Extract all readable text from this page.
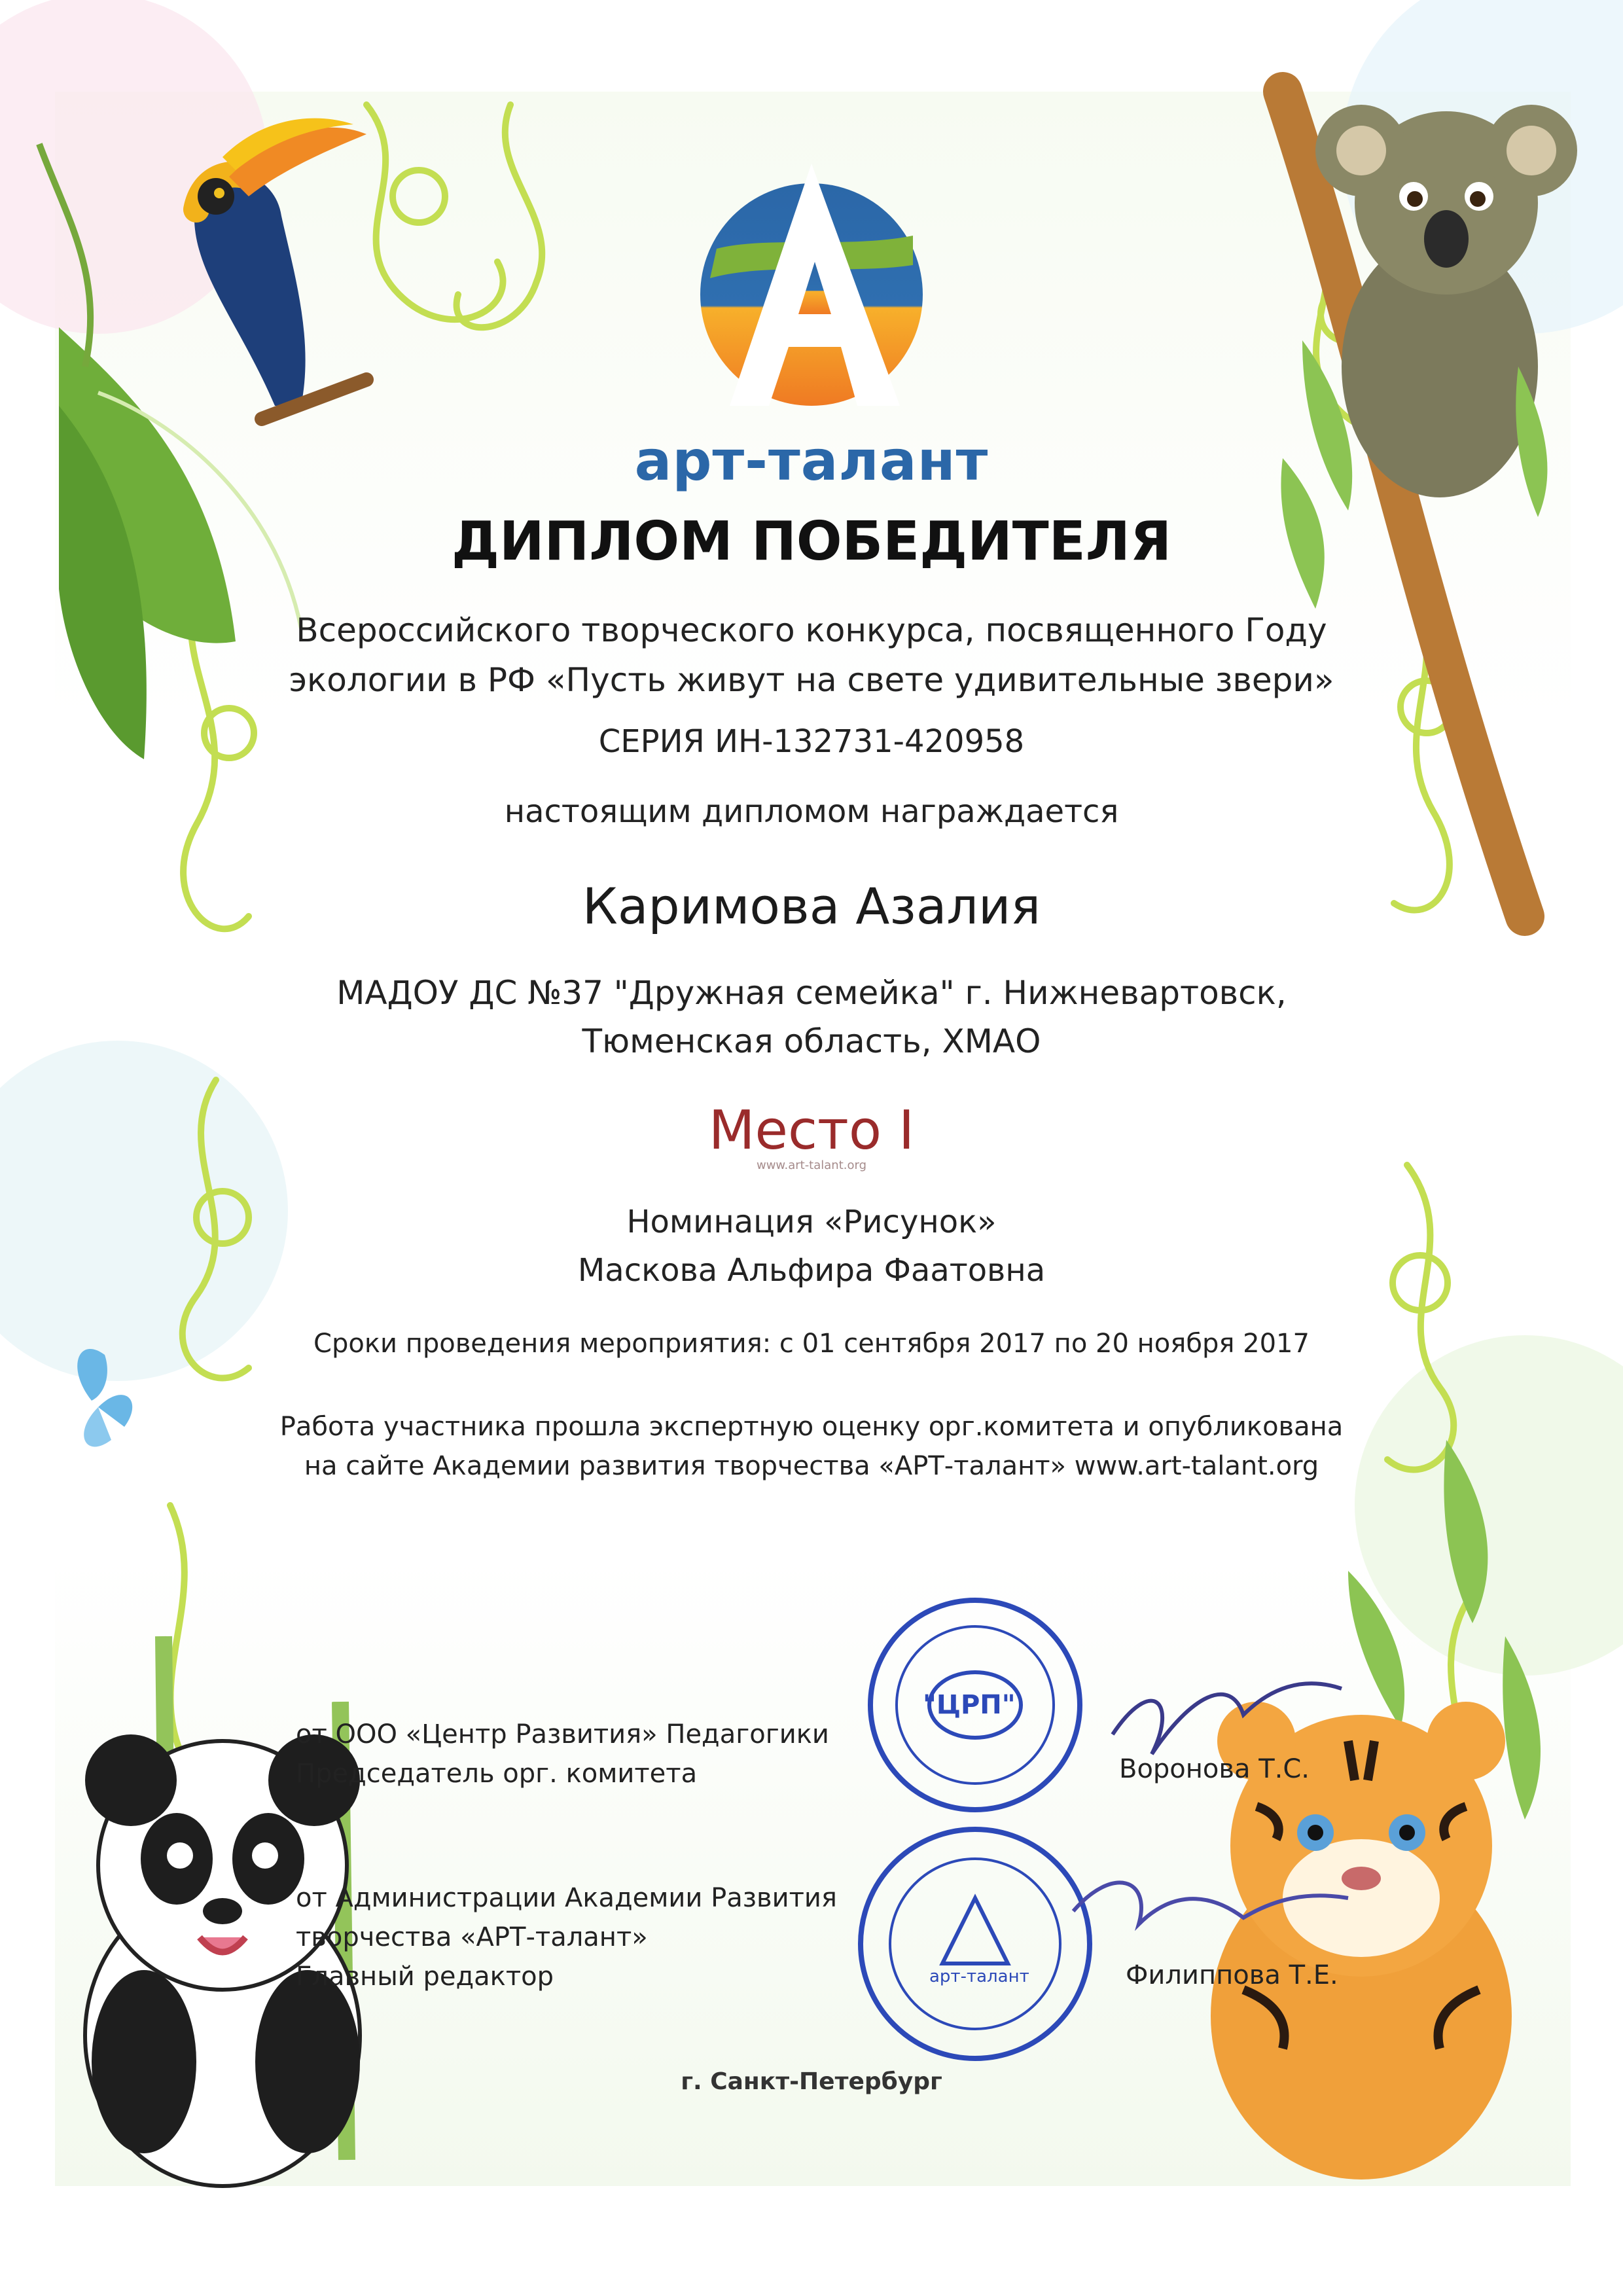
арт-талант
ДИПЛОМ ПОБЕДИТЕЛЯ
Всероссийского творческого конкурса, посвященного Году
экологии в РФ «Пусть живут на свете удивительные звери»
СЕРИЯ ИН-132731-420958
настоящим дипломом награждается
Каримова Азалия
МАДОУ ДС №37 "Дружная семейка" г. Нижневартовск,
Тюменская область, ХМАО
Место I
www.art-talant.org
Номинация «Рисунок»
Маскова Альфира Фаатовна
Сроки проведения мероприятия: с 01 сентября 2017 по 20 ноября 2017
Работа участника прошла экспертную оценку орг.комитета и опубликована
на сайте Академии развития творчества «АРТ-талант» www.art-talant.org
от ООО «Центр Развития» Педагогики
Председатель орг. комитета	Воронова Т.С.
от Администрации Академии Развития
творчества «АРТ-талант»
Главный редактор	Филиппова Т.Е.
"ЦРП"
арт-талант
г. Санкт-Петербург
